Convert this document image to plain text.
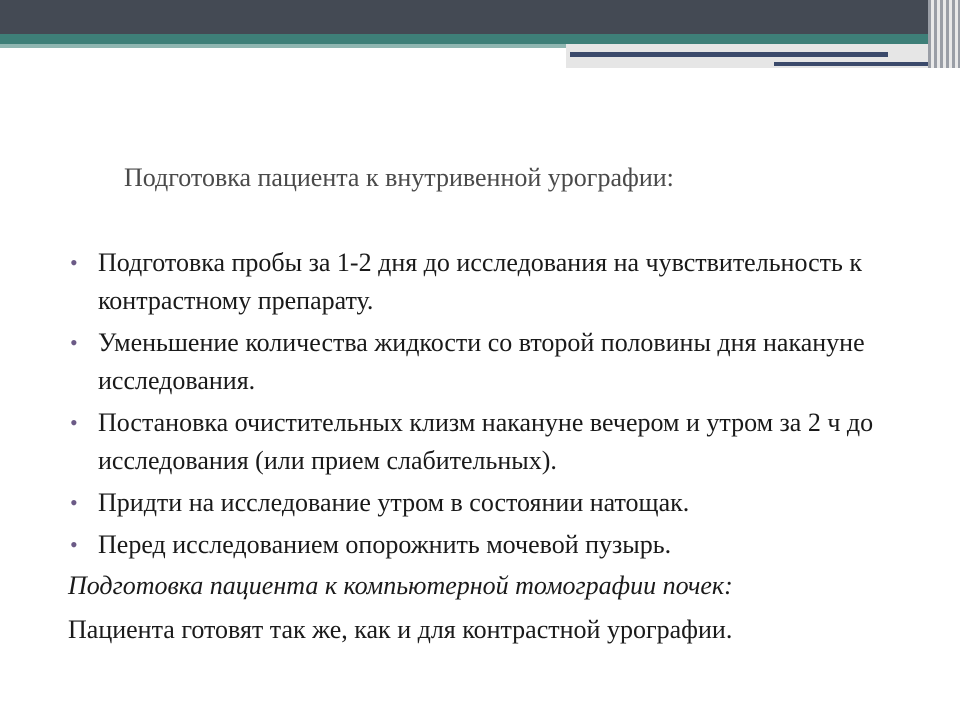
Подготовка пациента к внутривенной урографии:
• Подготовка пробы за 1-2 дня до исследования на чувствительность к контрастному препарату.
• Уменьшение количества жидкости со второй половины дня накануне исследования.
• Постановка очистительных клизм накануне вечером и утром за 2 ч до исследования (или прием слабительных).
• Придти на исследование утром в состоянии натощак.
• Перед исследованием опорожнить мочевой пузырь.
Подготовка пациента к компьютерной томографии почек:

Пациента готовят так же, как и для контрастной урографии.
